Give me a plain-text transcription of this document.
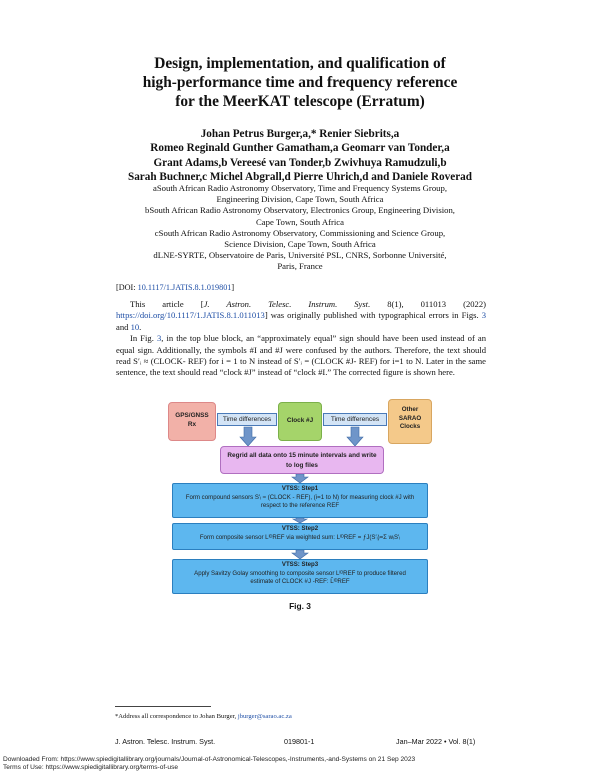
Design, implementation, and qualification of
high-performance time and frequency reference
for the MeerKAT telescope (Erratum)
Johan Petrus Burger,a,* Renier Siebrits,a
Romeo Reginald Gunther Gamatham,a Geomarr van Tonder,a
Grant Adams,b Vereesé van Tonder,b Zwivhuya Ramudzuli,b
Sarah Buchner,c Michel Abgrall,d Pierre Uhrich,d and Daniele Roverad
aSouth African Radio Astronomy Observatory, Time and Frequency Systems Group,
Engineering Division, Cape Town, South Africa
bSouth African Radio Astronomy Observatory, Electronics Group, Engineering Division,
Cape Town, South Africa
cSouth African Radio Astronomy Observatory, Commissioning and Science Group,
Science Division, Cape Town, South Africa
dLNE-SYRTE, Observatoire de Paris, Université PSL, CNRS, Sorbonne Université,
Paris, France
[DOI: 10.1117/1.JATIS.8.1.019801]

This article [J. Astron. Telesc. Instrum. Syst. 8(1), 011013 (2022) https://doi.org/10.1117/1.JATIS.8.1.011013] was originally published with typographical errors in Figs. 3 and 10.

In Fig. 3, in the top blue block, an “approximately equal” sign should have been used instead of an equal sign. Additionally, the symbols #I and #J were confused by the authors. Therefore, the text should read S′ᵢ ≈ (CLOCK- REF) for i = 1 to N instead of S′ᵢ = (CLOCK #J- REF) for i=1 to N. Later in the same sentence, the text should read “clock #J” instead of “clock #I.” The corrected figure is shown here.

GPS/GNSS
Rx
Time differences	Clock #J	Time differences
Other
SARAO
Clocks
Regrid all data onto 15 minute intervals and write
to log files
VTSS: Step1
Form compound sensors S′ᵢ ≈ (CLOCK - REF), (i=1 to N) for measuring clock #J with
respect to the reference REF
VTSS: Step2
Form composite sensor LᴵᴰREF via weighted sum: LᴵᴰREF = ƒJ(S′ᵢ)=Σ wᵢS′ᵢ
VTSS: Step3
Apply Savitzy Golay smoothing to composite sensor LᴵᴰREF to produce filtered
estimate of CLOCK #J -REF: L̂ᴵᴰREF
Fig. 3
*Address all correspondence to Johan Burger, jburger@sarao.ac.za
J. Astron. Telesc. Instrum. Syst.	019801-1	Jan–Mar 2022 • Vol. 8(1)
Downloaded From: https://www.spiedigitallibrary.org/journals/Journal-of-Astronomical-Telescopes,-Instruments,-and-Systems on 21 Sep 2023
Terms of Use: https://www.spiedigitallibrary.org/terms-of-use
